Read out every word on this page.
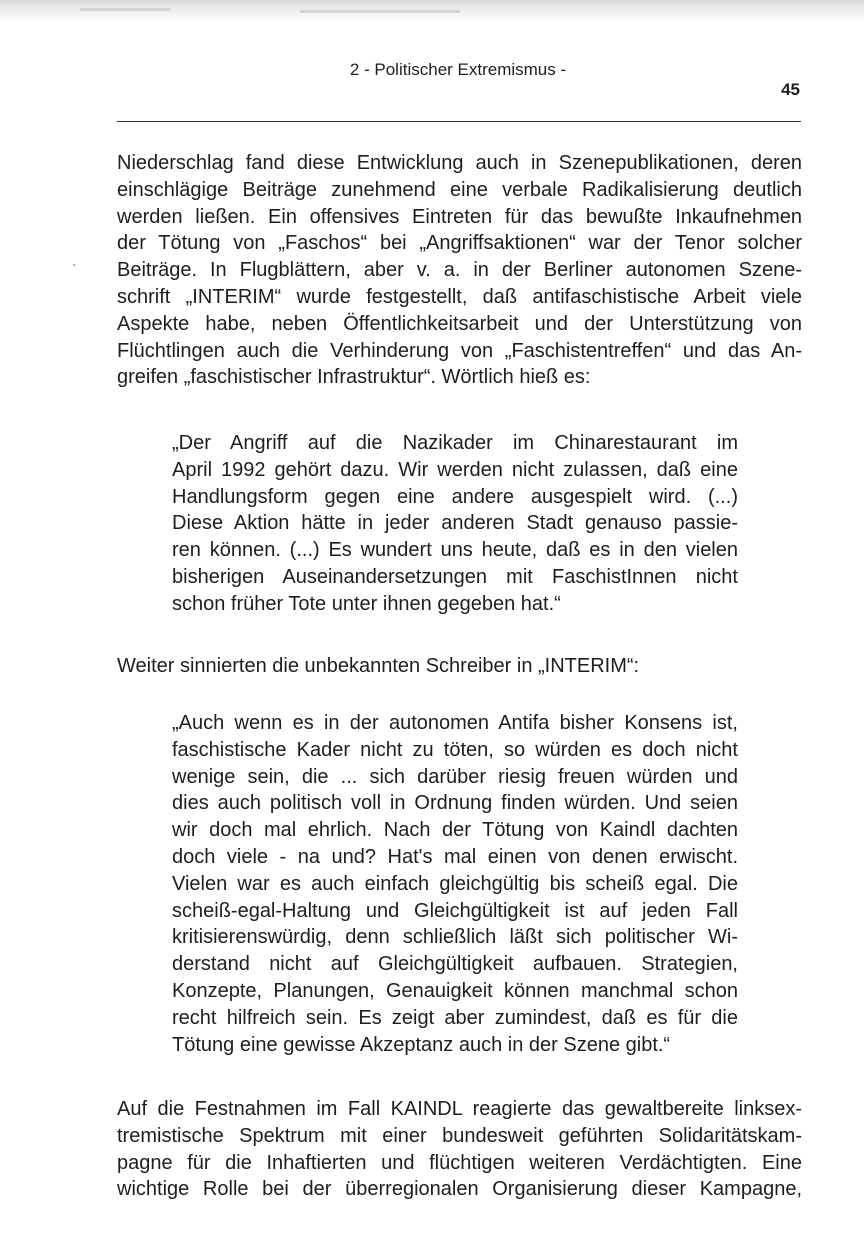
2 - Politischer Extremismus -
45

Niederschlag fand diese Entwicklung auch in Szenepublikationen, deren
einschlägige Beiträge zunehmend eine verbale Radikalisierung deutlich
werden ließen. Ein offensives Eintreten für das bewußte Inkaufnehmen
der Tötung von „Faschos“ bei „Angriffsaktionen“ war der Tenor solcher
Beiträge. In Flugblättern, aber v. a. in der Berliner autonomen Szene-
schrift „INTERIM“ wurde festgestellt, daß antifaschistische Arbeit viele
Aspekte habe, neben Öffentlichkeitsarbeit und der Unterstützung von
Flüchtlingen auch die Verhinderung von „Faschistentreffen“ und das An-
greifen „faschistischer Infrastruktur“. Wörtlich hieß es:

„Der Angriff auf die Nazikader im Chinarestaurant im
April 1992 gehört dazu. Wir werden nicht zulassen, daß eine
Handlungsform gegen eine andere ausgespielt wird. (...)
Diese Aktion hätte in jeder anderen Stadt genauso passie-
ren können. (...) Es wundert uns heute, daß es in den vielen
bisherigen Auseinandersetzungen mit FaschistInnen nicht
schon früher Tote unter ihnen gegeben hat.“

Weiter sinnierten die unbekannten Schreiber in „INTERIM“:

„Auch wenn es in der autonomen Antifa bisher Konsens ist,
faschistische Kader nicht zu töten, so würden es doch nicht
wenige sein, die ... sich darüber riesig freuen würden und
dies auch politisch voll in Ordnung finden würden. Und seien
wir doch mal ehrlich. Nach der Tötung von Kaindl dachten
doch viele - na und? Hat's mal einen von denen erwischt.
Vielen war es auch einfach gleichgültig bis scheiß egal. Die
scheiß-egal-Haltung und Gleichgültigkeit ist auf jeden Fall
kritisierenswürdig, denn schließlich läßt sich politischer Wi-
derstand nicht auf Gleichgültigkeit aufbauen. Strategien,
Konzepte, Planungen, Genauigkeit können manchmal schon
recht hilfreich sein. Es zeigt aber zumindest, daß es für die
Tötung eine gewisse Akzeptanz auch in der Szene gibt.“

Auf die Festnahmen im Fall KAINDL reagierte das gewaltbereite linksex-
tremistische Spektrum mit einer bundesweit geführten Solidaritätskam-
pagne für die Inhaftierten und flüchtigen weiteren Verdächtigten. Eine
wichtige Rolle bei der überregionalen Organisierung dieser Kampagne,
